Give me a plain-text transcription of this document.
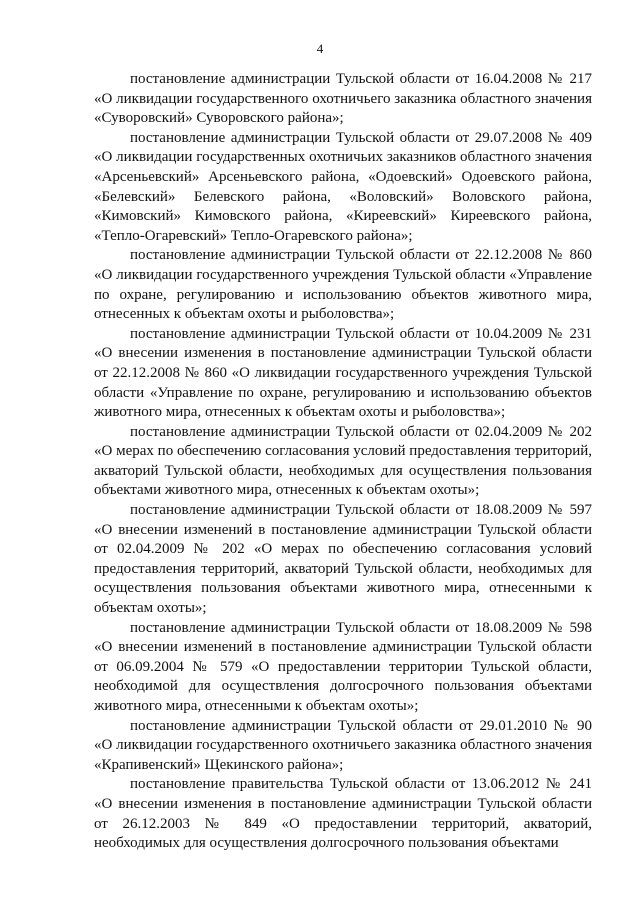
4

постановление администрации Тульской области от 16.04.2008 № 217
«О ликвидации государственного охотничьего заказника областного значения «Суворовский» Суворовского района»;

постановление администрации Тульской области от 29.07.2008 № 409
«О ликвидации государственных охотничьих заказников областного значения «Арсеньевский» Арсеньевского района, «Одоевский» Одоевского района, «Белевский» Белевского района, «Воловский» Воловского района, «Кимовский» Кимовского района, «Киреевский» Киреевского района, «Тепло-Огаревский» Тепло-Огаревского района»;

постановление администрации Тульской области от 22.12.2008 № 860
«О ликвидации государственного учреждения Тульской области «Управление по охране, регулированию и использованию объектов животного мира, отнесенных к объектам охоты и рыболовства»;

постановление администрации Тульской области от 10.04.2009 № 231
«О внесении изменения в постановление администрации Тульской области от 22.12.2008 № 860 «О ликвидации государственного учреждения Тульской области «Управление по охране, регулированию и использованию объектов животного мира, отнесенных к объектам охоты и рыболовства»;

постановление администрации Тульской области от 02.04.2009 № 202
«О мерах по обеспечению согласования условий предоставления территорий, акваторий Тульской области, необходимых для осуществления пользования объектами животного мира, отнесенных к объектам охоты»;

постановление администрации Тульской области от 18.08.2009 № 597
«О внесении изменений в постановление администрации Тульской области от 02.04.2009 № 202 «О мерах по обеспечению согласования условий предоставления территорий, акваторий Тульской области, необходимых для осуществления пользования объектами животного мира, отнесенными к объектам охоты»;

постановление администрации Тульской области от 18.08.2009 № 598
«О внесении изменений в постановление администрации Тульской области от 06.09.2004 № 579 «О предоставлении территории Тульской области, необходимой для осуществления долгосрочного пользования объектами животного мира, отнесенными к объектам охоты»;

постановление администрации Тульской области от 29.01.2010 № 90
«О ликвидации государственного охотничьего заказника областного значения «Крапивенский» Щекинского района»;

постановление правительства Тульской области от 13.06.2012 № 241
«О внесении изменения в постановление администрации Тульской области от 26.12.2003 № 849 «О предоставлении территорий, акваторий, необходимых для осуществления долгосрочного пользования объектами
